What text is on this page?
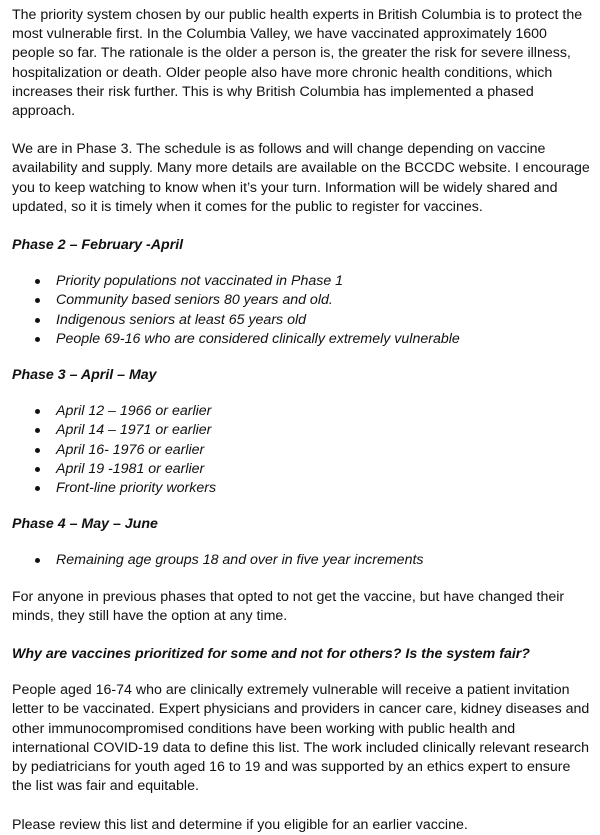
The priority system chosen by our public health experts in British Columbia is to protect the most vulnerable first. In the Columbia Valley, we have vaccinated approximately 1600 people so far. The rationale is the older a person is, the greater the risk for severe illness, hospitalization or death. Older people also have more chronic health conditions, which increases their risk further. This is why British Columbia has implemented a phased approach.

We are in Phase 3. The schedule is as follows and will change depending on vaccine availability and supply. Many more details are available on the BCCDC website. I encourage you to keep watching to know when it’s your turn. Information will be widely shared and updated, so it is timely when it comes for the public to register for vaccines.

Phase 2 – February -April

Priority populations not vaccinated in Phase 1
Community based seniors 80 years and old.
Indigenous seniors at least 65 years old
People 69-16 who are considered clinically extremely vulnerable

Phase 3 – April – May

April 12 – 1966 or earlier
April 14 – 1971 or earlier
April 16- 1976 or earlier
April 19 -1981 or earlier
Front-line priority workers

Phase 4 – May – June

Remaining age groups 18 and over in five year increments

For anyone in previous phases that opted to not get the vaccine, but have changed their minds, they still have the option at any time.

Why are vaccines prioritized for some and not for others? Is the system fair?

People aged 16-74 who are clinically extremely vulnerable will receive a patient invitation letter to be vaccinated. Expert physicians and providers in cancer care, kidney diseases and other immunocompromised conditions have been working with public health and international COVID-19 data to define this list. The work included clinically relevant research by pediatricians for youth aged 16 to 19 and was supported by an ethics expert to ensure the list was fair and equitable.

Please review this list and determine if you eligible for an earlier vaccine.
